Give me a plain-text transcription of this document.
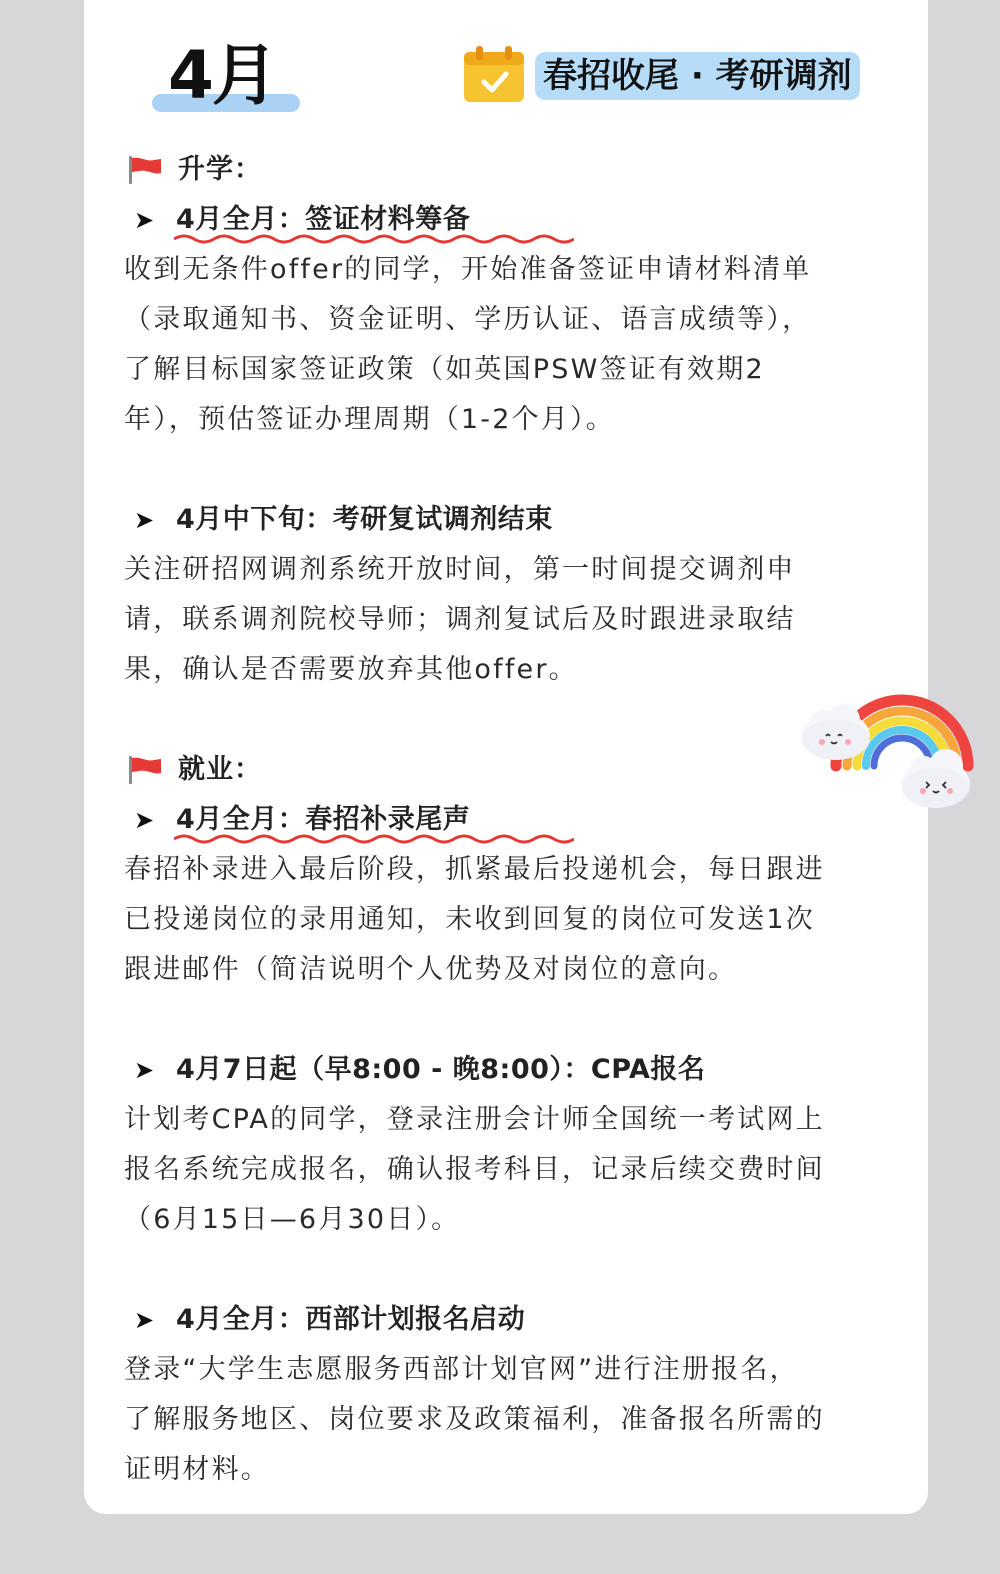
4月	春招收尾 · 考研调剂
升学：
➤ 4月全月：签证材料筹备
收到无条件offer的同学，开始准备签证申请材料清单
（录取通知书、资金证明、学历认证、语言成绩等），
了解目标国家签证政策（如英国PSW签证有效期2
年），预估签证办理周期（1-2个月）。
➤ 4月中下旬：考研复试调剂结束
关注研招网调剂系统开放时间，第一时间提交调剂申
请，联系调剂院校导师；调剂复试后及时跟进录取结
果，确认是否需要放弃其他offer。
就业：
➤ 4月全月：春招补录尾声
春招补录进入最后阶段，抓紧最后投递机会，每日跟进
已投递岗位的录用通知，未收到回复的岗位可发送1次
跟进邮件（简洁说明个人优势及对岗位的意向。
➤ 4月7日起（早8:00 - 晚8:00）：CPA报名
计划考CPA的同学，登录注册会计师全国统一考试网上
报名系统完成报名，确认报考科目，记录后续交费时间
（6月15日—6月30日）。
➤ 4月全月：西部计划报名启动
登录“大学生志愿服务西部计划官网”进行注册报名，
了解服务地区、岗位要求及政策福利，准备报名所需的
证明材料。
